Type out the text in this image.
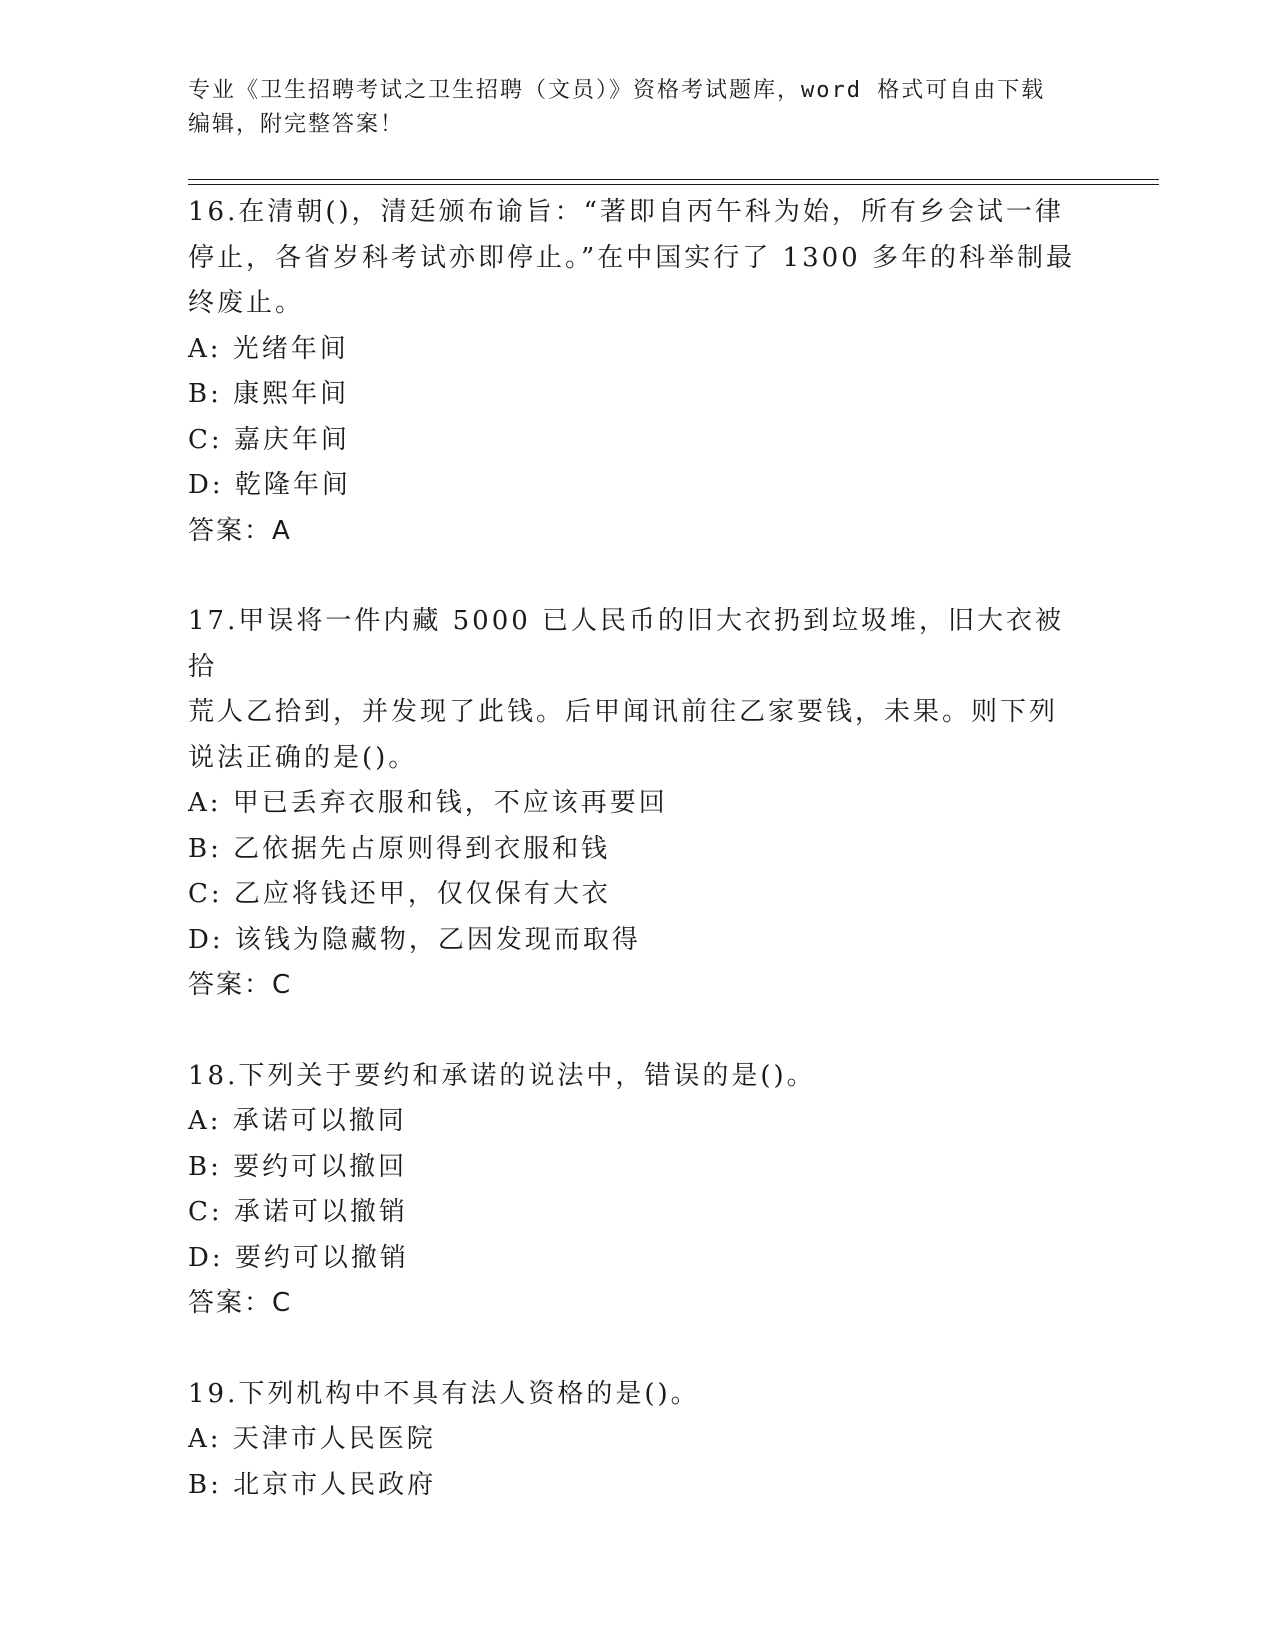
专业《卫生招聘考试之卫生招聘（文员）》资格考试题库，word 格式可自由下载
编辑，附完整答案！
16.在清朝()，清廷颁布谕旨：“著即自丙午科为始，所有乡会试一律
停止，各省岁科考试亦即停止。”在中国实行了 1300 多年的科举制最
终废止。
A: 光绪年间
B: 康熙年间
C: 嘉庆年间
D: 乾隆年间
答案：A
17.甲误将一件内藏 5000 已人民币的旧大衣扔到垃圾堆，旧大衣被拾
荒人乙拾到，并发现了此钱。后甲闻讯前往乙家要钱，未果。则下列
说法正确的是()。
A: 甲已丢弃衣服和钱，不应该再要回
B: 乙依据先占原则得到衣服和钱
C: 乙应将钱还甲，仅仅保有大衣
D: 该钱为隐藏物，乙因发现而取得
答案：C
18.下列关于要约和承诺的说法中，错误的是()。
A: 承诺可以撤同
B: 要约可以撤回
C: 承诺可以撤销
D: 要约可以撤销
答案：C
19.下列机构中不具有法人资格的是()。
A: 天津市人民医院
B: 北京市人民政府
